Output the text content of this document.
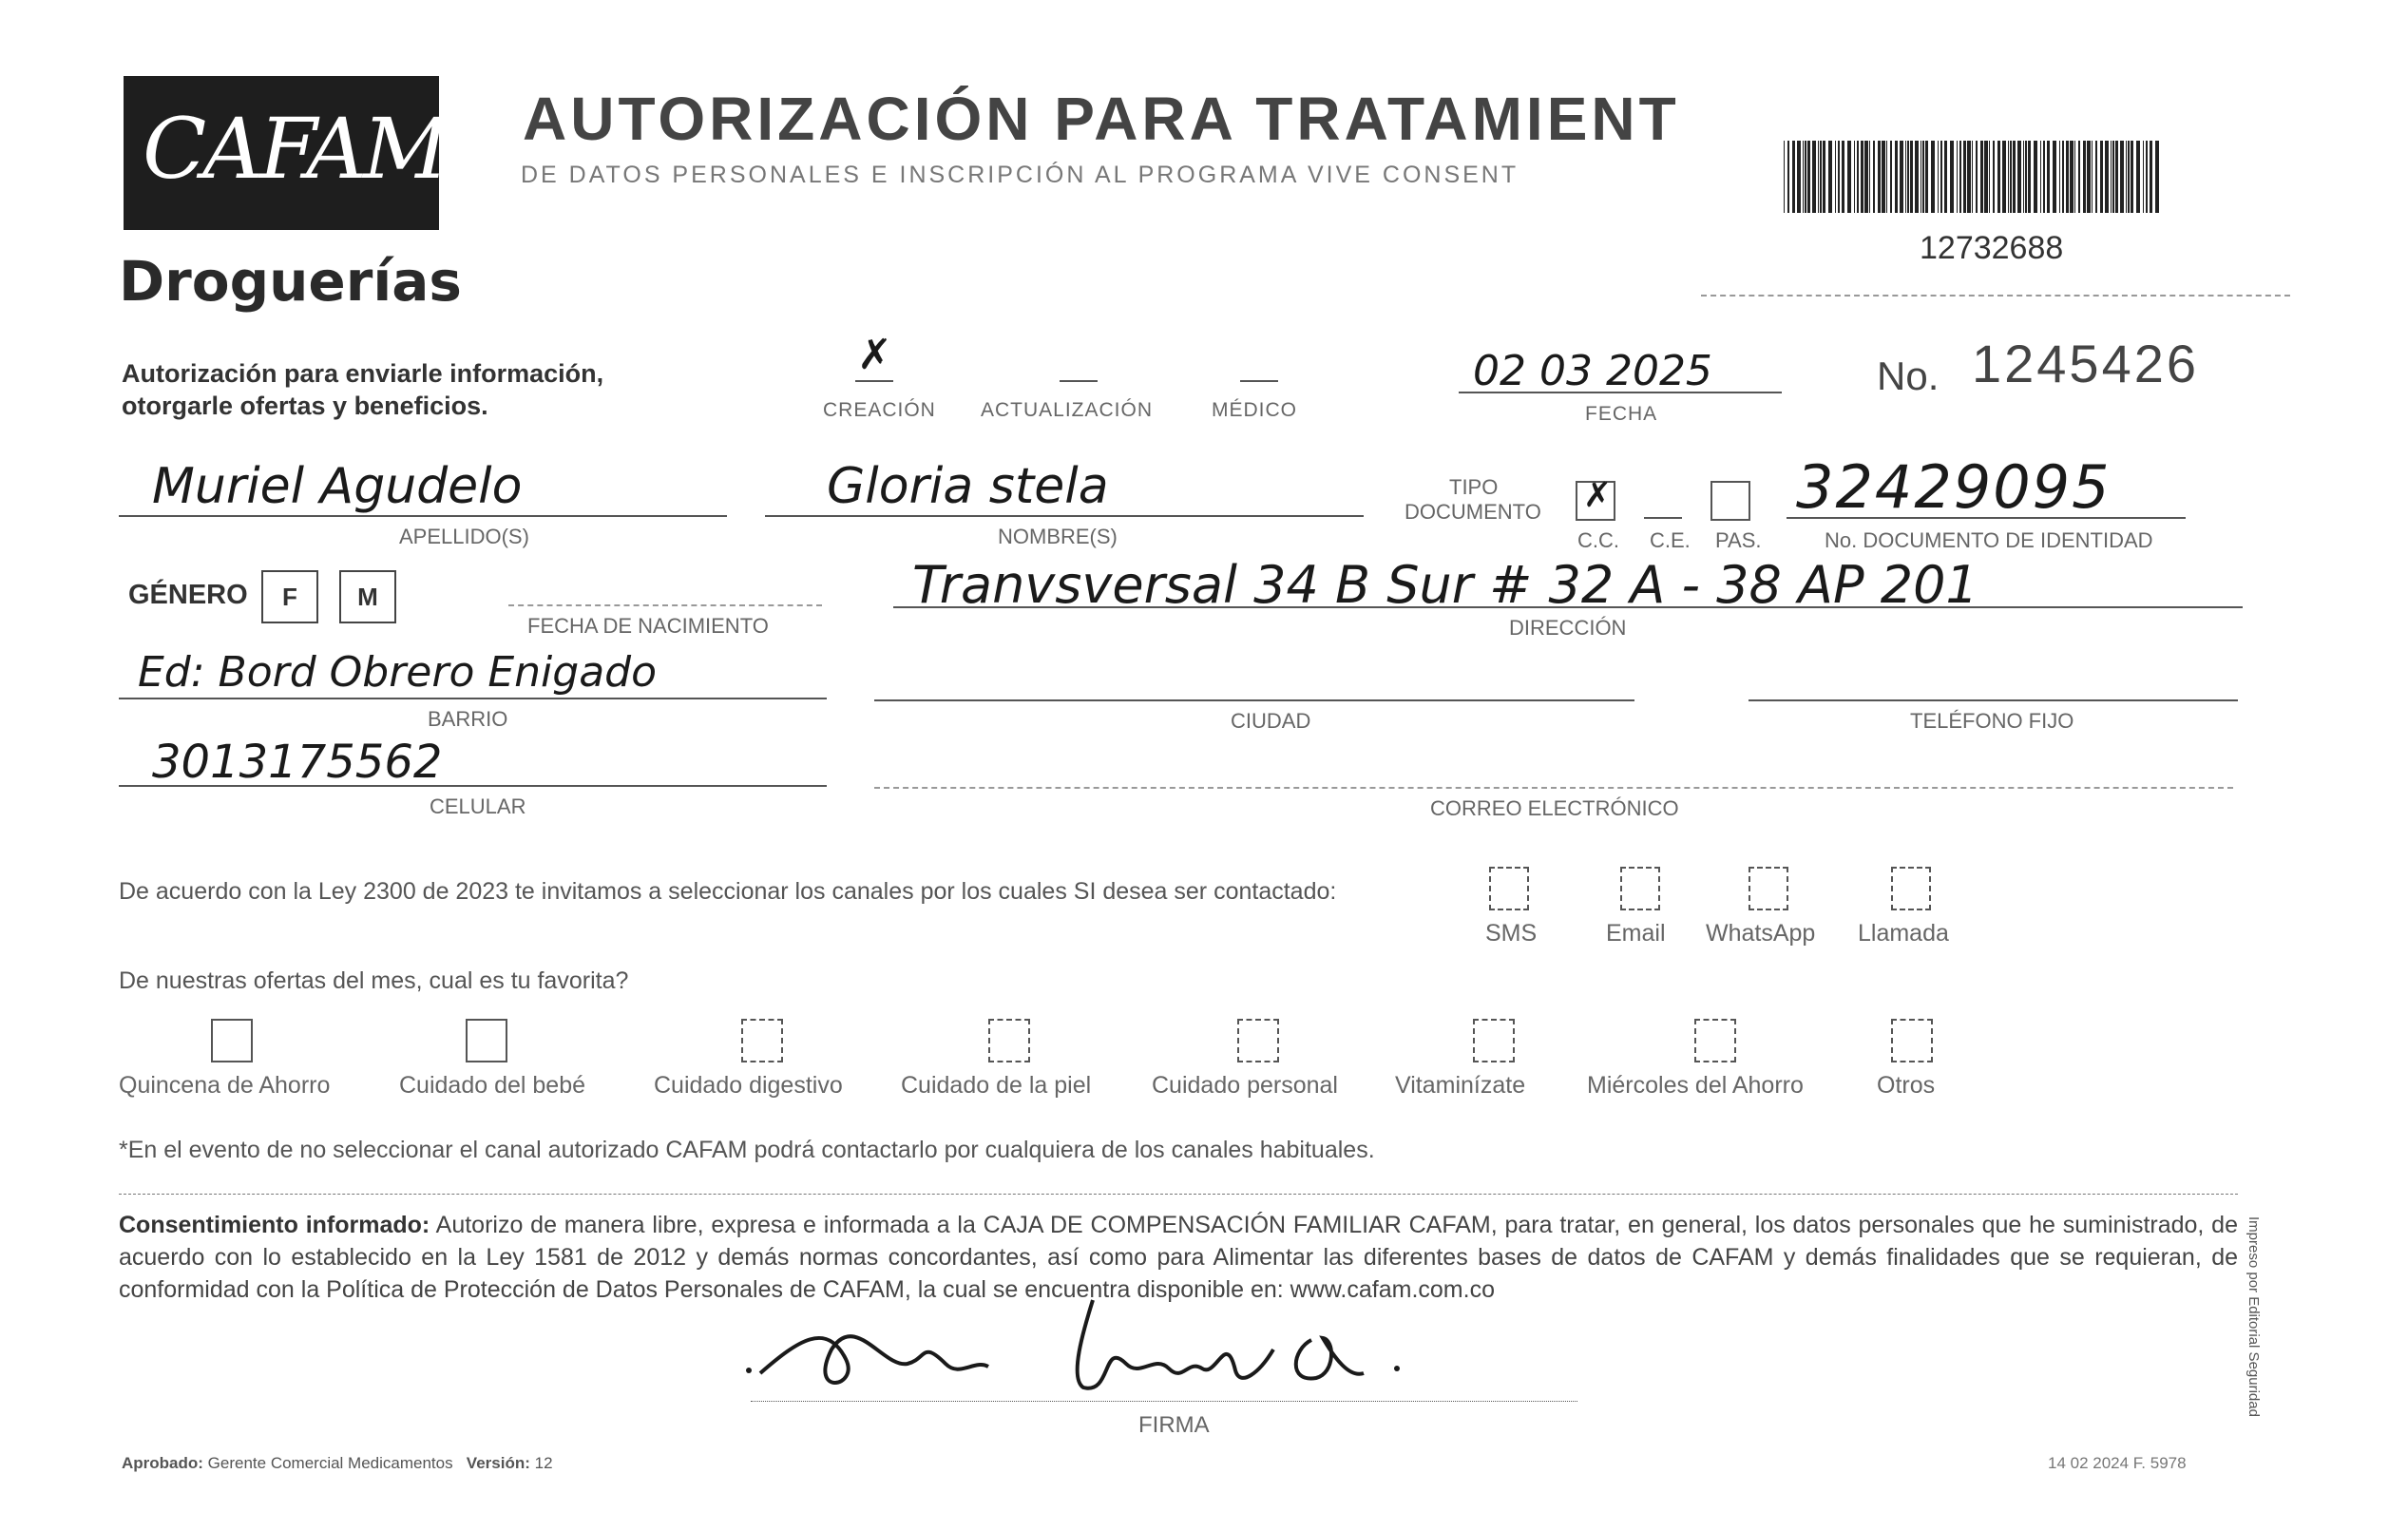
CAFAM
Droguerías
AUTORIZACIÓN PARA TRATAMIENT
DE DATOS PERSONALES E INSCRIPCIÓN AL PROGRAMA VIVE CONSENT
12732688
Autorización para enviarle información,
otorgarle ofertas y beneficios.
✗
CREACIÓN ACTUALIZACIÓN	MÉDICO
02 03 2025
FECHA
No. 1245426
Muriel Agudelo
APELLIDO(S)
Gloria stela
NOMBRE(S)
TIPO
DOCUMENTO ✗
C.C. C.E. PAS.
32429095
No. DOCUMENTO DE IDENTIDAD
GÉNERO	F	M
FECHA DE NACIMIENTO
Tranvsversal 34 B Sur # 32 A - 38 AP 201
DIRECCIÓN
Ed: Bord Obrero Enigado
BARRIO	CIUDAD	TELÉFONO FIJO
3013175562
CELULAR	CORREO ELECTRÓNICO
De acuerdo con la Ley 2300 de 2023 te invitamos a seleccionar los canales por los cuales SI desea ser contactado:
SMS	Email WhatsApp Llamada
De nuestras ofertas del mes, cual es tu favorita?
Quincena de Ahorro	Cuidado del bebé	Cuidado digestivo Cuidado de la piel	Cuidado personal Vitaminízate	Miércoles del Ahorro	Otros
*En el evento de no seleccionar el canal autorizado CAFAM podrá contactarlo por cualquiera de los canales habituales.
Consentimiento informado: Autorizo de manera libre, expresa e informada a la CAJA DE COMPENSACIÓN FAMILIAR CAFAM, para tratar, en general, los datos personales que he suministrado, de acuerdo con lo establecido en la Ley 1581 de 2012 y demás normas concordantes, así como para Alimentar las diferentes bases de datos de CAFAM y demás finalidades que se requieran, de conformidad con la Política de Protección de Datos Personales de CAFAM, la cual se encuentra disponible en: www.cafam.com.co
FIRMA
Aprobado: Gerente Comercial Medicamentos Versión: 12	14 02 2024 F. 5978
Impreso por Editorial Seguridad
